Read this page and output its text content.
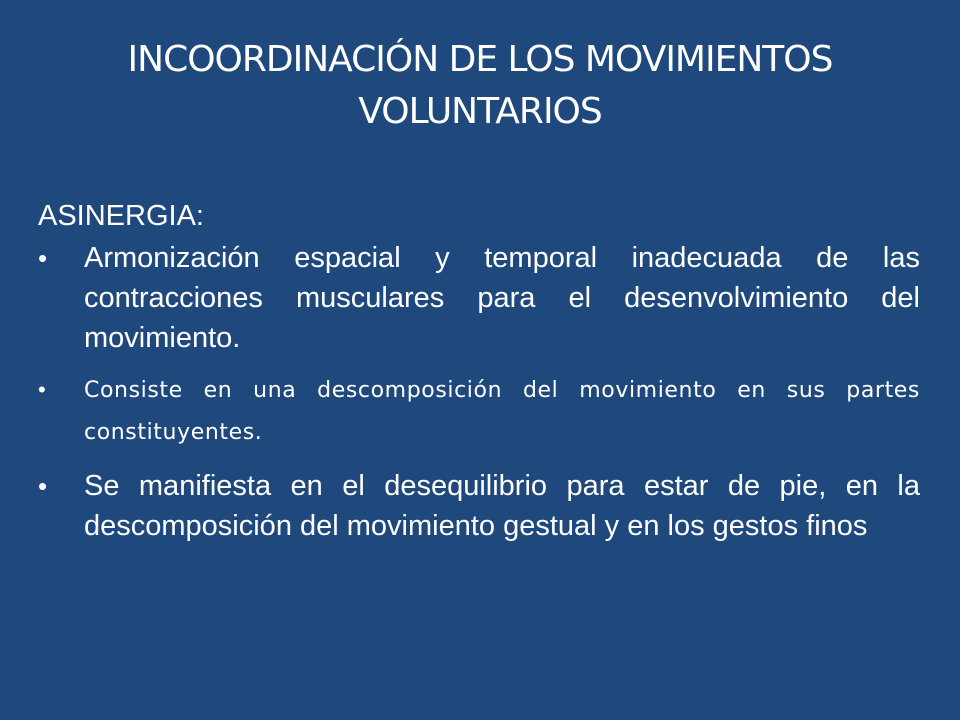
INCOORDINACIÓN DE LOS MOVIMIENTOS
VOLUNTARIOS

ASINERGIA:

•	Armonización espacial y temporal inadecuada de las contracciones musculares para el desenvolvimiento del movimiento.
•	Consiste en una descomposición del movimiento en sus partes constituyentes.
•	Se manifiesta en el desequilibrio para estar de pie, en la descomposición del movimiento gestual y en los gestos finos
